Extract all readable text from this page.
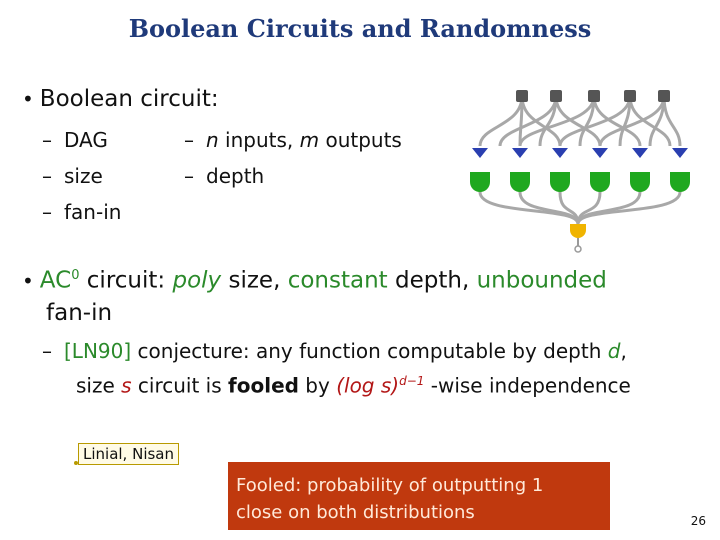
Boolean Circuits and Randomness
• Boolean circuit:
– DAG
– size
– fan-in
– n inputs, m outputs
– depth
• $AC^0$ circuit: poly size, constant depth, unbounded
fan-in
– [LN90] conjecture: any function computable by depth d,
size s circuit is fooled by (log s)$^{d-1}$ -wise independence
Linial, Nisan
Fooled: probability of outputting 1
close on both distributions	26
